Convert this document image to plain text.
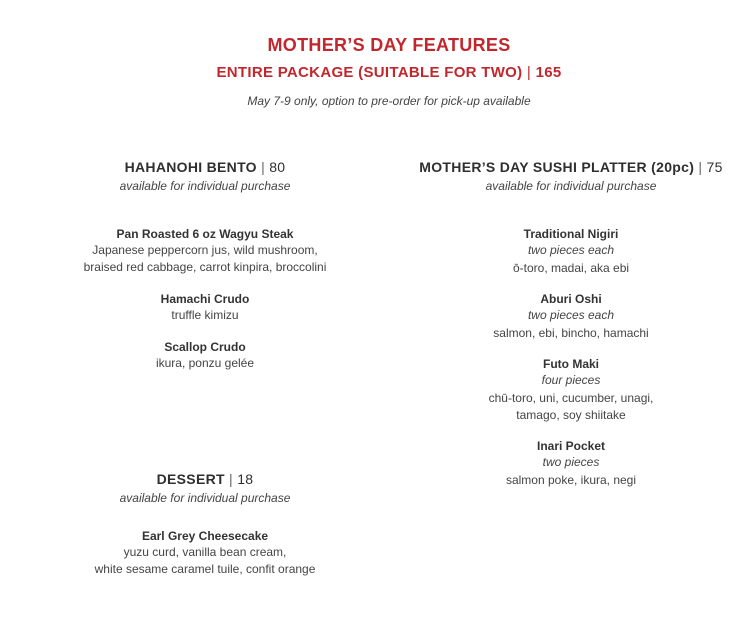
MOTHER’S DAY FEATURES
ENTIRE PACKAGE (SUITABLE FOR TWO) | 165
May 7-9 only, option to pre-order for pick-up available
HAHANOHI BENTO | 80
available for individual purchase
Pan Roasted 6 oz Wagyu Steak
Japanese peppercorn jus, wild mushroom,
braised red cabbage, carrot kinpira, broccolini
Hamachi Crudo
truffle kimizu
Scallop Crudo
ikura, ponzu gelée
DESSERT | 18
available for individual purchase
Earl Grey Cheesecake
yuzu curd, vanilla bean cream,
white sesame caramel tuile, confit orange
MOTHER’S DAY SUSHI PLATTER (20pc) | 75
available for individual purchase
Traditional Nigiri
two pieces each
ō-toro, madai, aka ebi
Aburi Oshi
two pieces each
salmon, ebi, bincho, hamachi
Futo Maki
four pieces
chū-toro, uni, cucumber, unagi,
tamago, soy shiitake
Inari Pocket
two pieces
salmon poke, ikura, negi
